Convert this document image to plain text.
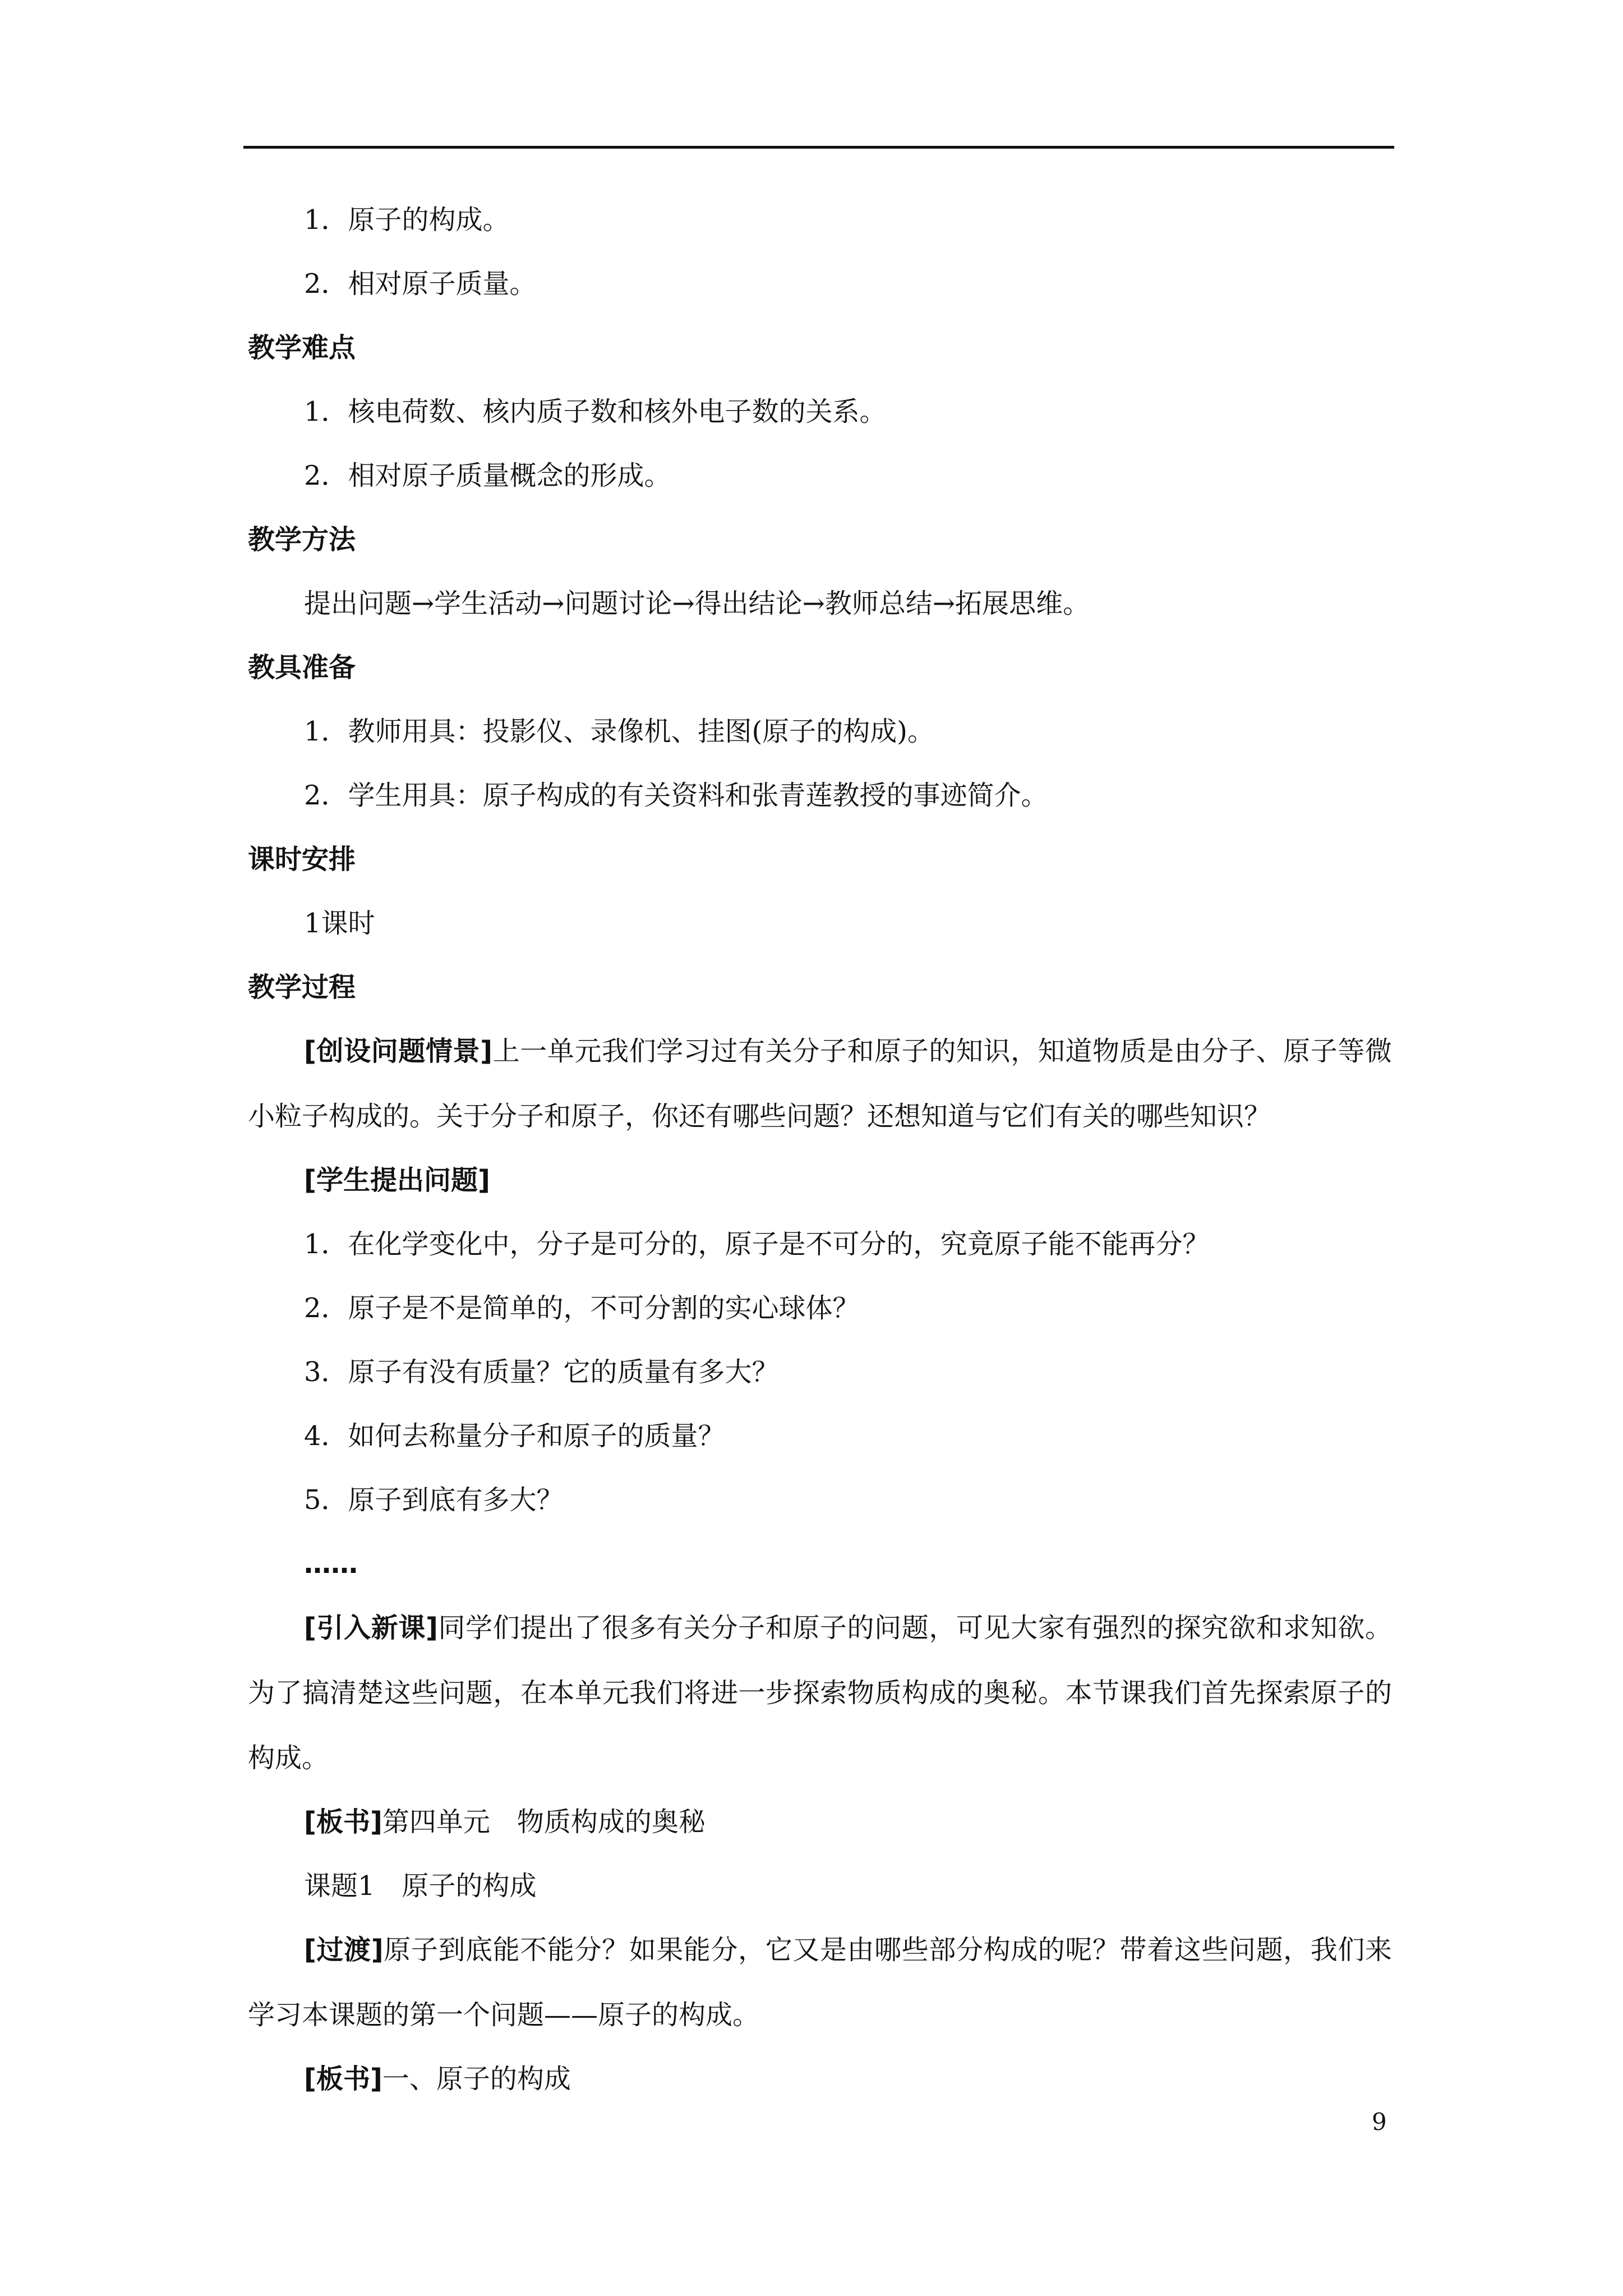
1．原子的构成。
2．相对原子质量。
教学难点
1．核电荷数、核内质子数和核外电子数的关系。
2．相对原子质量概念的形成。
教学方法
提出问题→学生活动→问题讨论→得出结论→教师总结→拓展思维。
教具准备
1．教师用具：投影仪、录像机、挂图(原子的构成)。
2．学生用具：原子构成的有关资料和张青莲教授的事迹简介。
课时安排
1课时
教学过程

[创设问题情景]上一单元我们学习过有关分子和原子的知识，知道物质是由分子、原子等微小粒子构成的。关于分子和原子，你还有哪些问题？还想知道与它们有关的哪些知识？

[学生提出问题]
1．在化学变化中，分子是可分的，原子是不可分的，究竟原子能不能再分？
2．原子是不是简单的，不可分割的实心球体？
3．原子有没有质量？它的质量有多大？
4．如何去称量分子和原子的质量？
5．原子到底有多大？
……

[引入新课]同学们提出了很多有关分子和原子的问题，可见大家有强烈的探究欲和求知欲。为了搞清楚这些问题，在本单元我们将进一步探索物质构成的奥秘。本节课我们首先探索原子的构成。

[板书]第四单元　物质构成的奥秘
课题1　原子的构成

[过渡]原子到底能不能分？如果能分，它又是由哪些部分构成的呢？带着这些问题，我们来学习本课题的第一个问题——原子的构成。

[板书]一、原子的构成
9
